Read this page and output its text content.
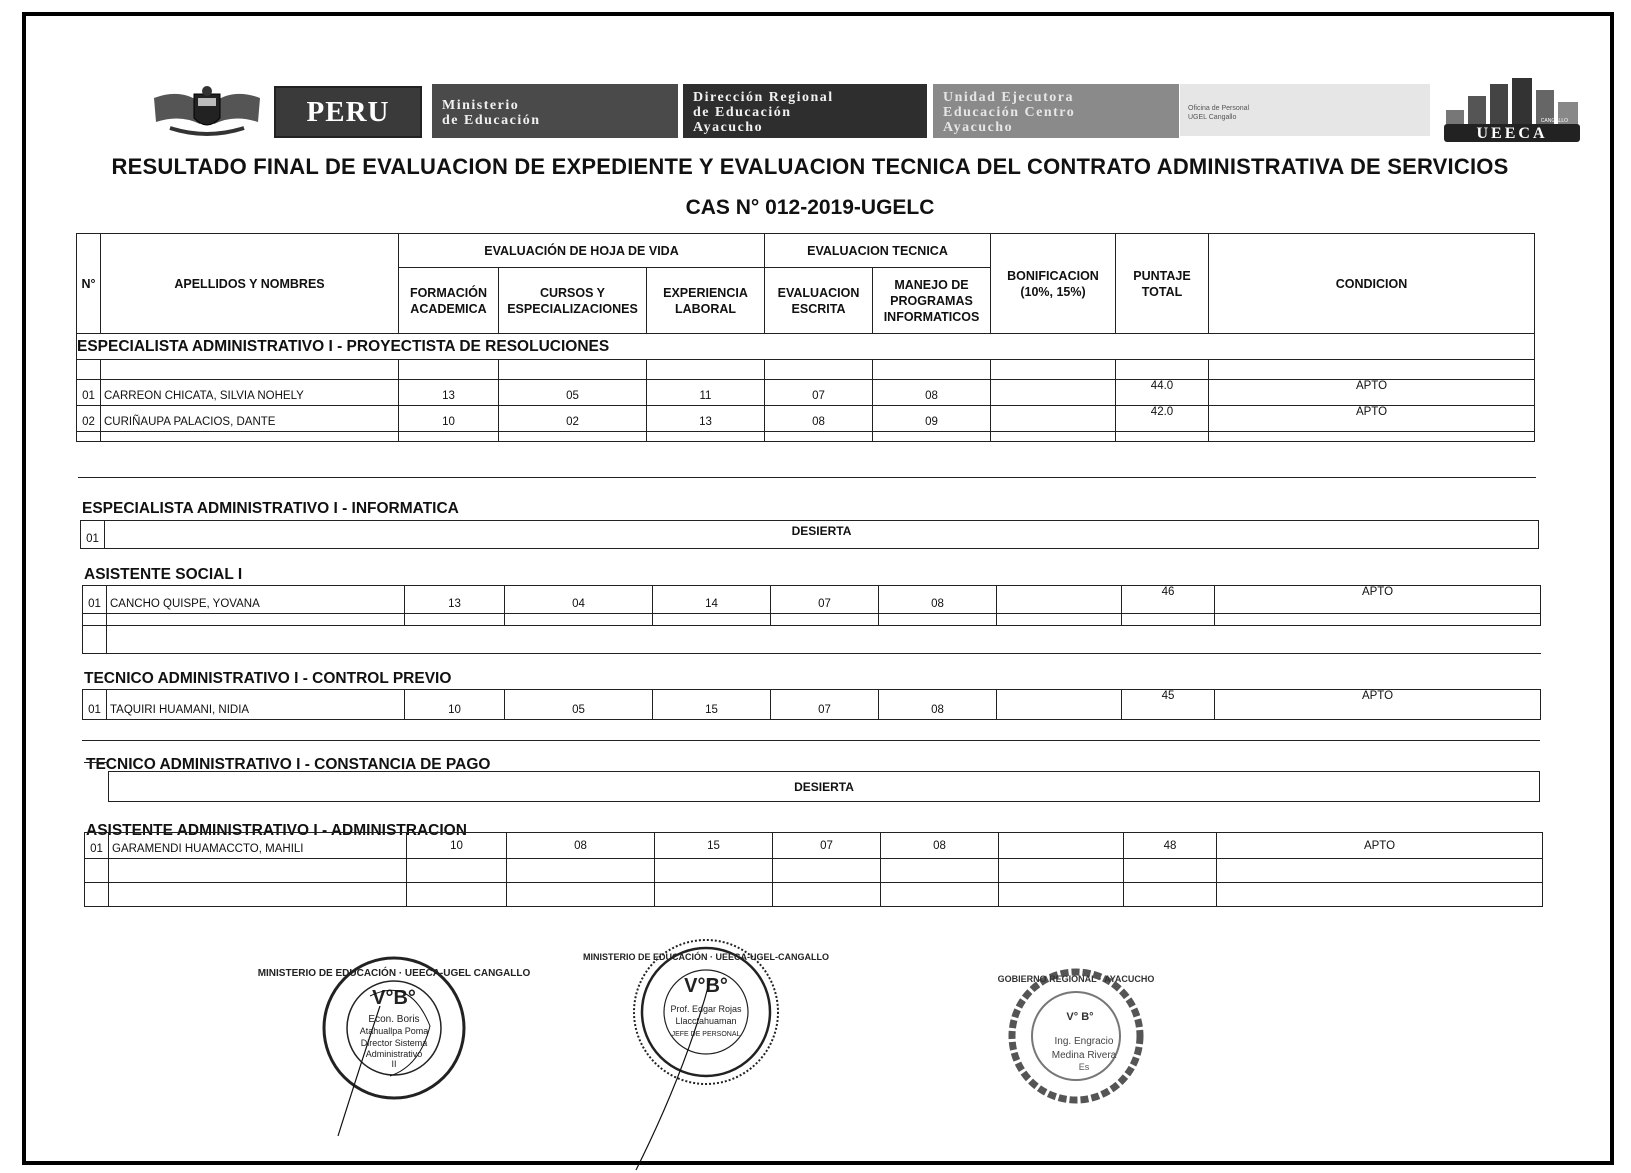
PERU	Ministerio
de Educación
Dirección Regional
de Educación
Ayacucho
Unidad Ejecutora
Educación Centro
Ayacucho
Oficina de Personal
UGEL Cangallo
UEECA
CANGALLO
RESULTADO FINAL DE EVALUACION DE EXPEDIENTE Y EVALUACION TECNICA DEL CONTRATO ADMINISTRATIVA DE SERVICIOS
CAS N° 012-2019-UGELC
N°	APELLIDOS Y NOMBRES	EVALUACIÓN DE HOJA DE VIDA			EVALUACION TECNICA		BONIFICACION (10%, 15%)	PUNTAJE TOTAL	CONDICION
		FORMACIÓN ACADEMICA	CURSOS Y ESPECIALIZACIONES	EXPERIENCIA LABORAL	EVALUACION ESCRITA	MANEJO DE PROGRAMAS INFORMATICOS			
ESPECIALISTA ADMINISTRATIVO I - PROYECTISTA DE RESOLUCIONES									

01	CARREON CHICATA, SILVIA NOHELY	13	05	11	07	08		44.0	APTO
02	CURIÑAUPA PALACIOS, DANTE	10	02	13	08	09		42.0	APTO

ESPECIALISTA ADMINISTRATIVO I - INFORMATICA
01	DESIERTA
ASISTENTE SOCIAL I
01	CANCHO QUISPE, YOVANA	13	04	14	07	08		46	APTO

TECNICO ADMINISTRATIVO I - CONTROL PREVIO
01	TAQUIRI HUAMANI, NIDIA	10	05	15	07	08		45	APTO
TECNICO ADMINISTRATIVO I - CONSTANCIA DE PAGO
DESIERTA
ASISTENTE ADMINISTRATIVO I - ADMINISTRACION
01	GARAMENDI HUAMACCTO, MAHILI	10	08	15	07	08		48	APTO

MINISTERIO DE EDUCACIÓN · UEECA-UGEL CANGALLO
V°B°
Econ. Boris
Atahuallpa Poma
Director Sistema
Administrativo
II
MINISTERIO DE EDUCACIÓN · UEECA-UGEL-CANGALLO
V°B°
Prof. Edgar Rojas
Llacctahuaman
JEFE DE PERSONAL
GOBIERNO REGIONAL · AYACUCHO
V° B°
Ing. Engracio
Medina Rivera
Es
